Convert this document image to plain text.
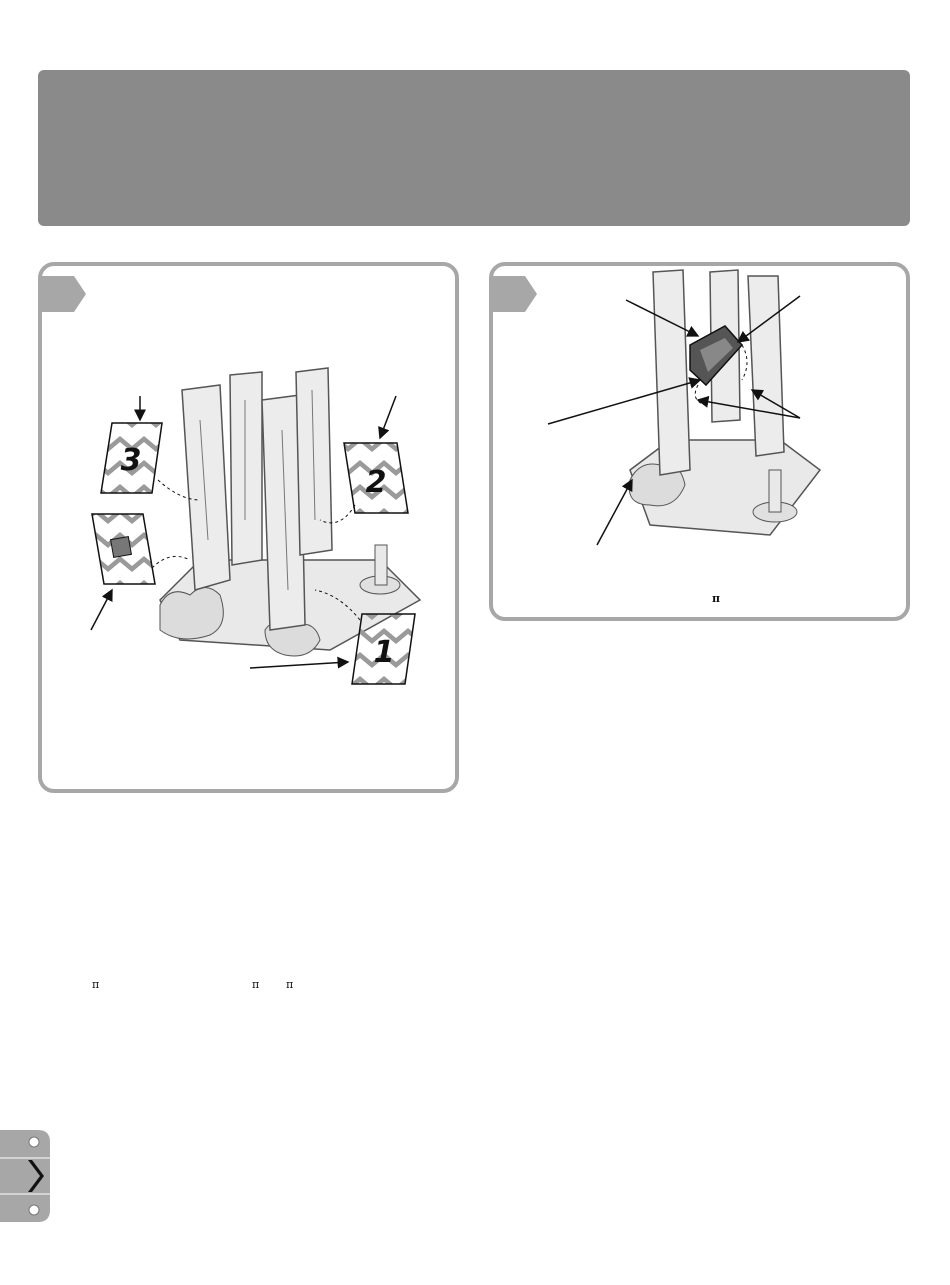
3
2
1
π
π	π π
